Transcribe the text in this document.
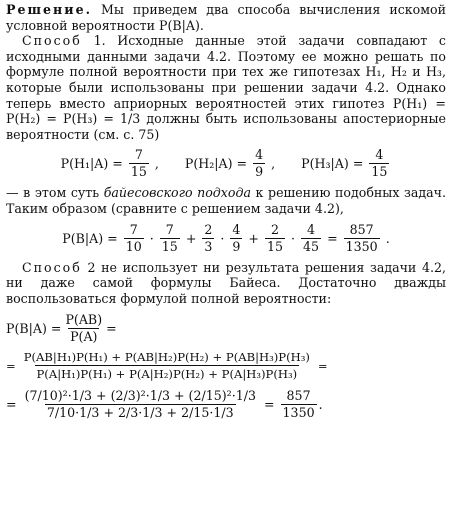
Решение. Мы приведем два способа вычисления искомой условной вероятности P(B|A).

Способ 1. Исходные данные этой задачи совпадают с исходными данными задачи 4.2. Поэтому ее можно решать по формуле полной вероятности при тех же гипотезах H₁, H₂ и H₃, которые были использованы при решении задачи 4.2. Однако теперь вместо априорных вероятностей этих гипотез P(H₁) = P(H₂) = P(H₃) = 1/3 должны быть использованы апостериорные вероятности (см. с. 75)

$P(H_1|A) = \frac{7}{15}$ , $P(H_2|A) = \frac{4}{9}$ , $P(H_3|A) = \frac{4}{15}$

— в этом суть байесовского подхода к решению подобных задач. Таким образом (сравните с решением задачи 4.2),

$P(B|A) = \frac{7}{10} \cdot \frac{7}{15} + \frac{2}{3} \cdot \frac{4}{9} + \frac{2}{15} \cdot \frac{4}{45} = \frac{857}{1350}$ .

Способ 2 не использует ни результата решения задачи 4.2, ни даже самой формулы Байеса. Достаточно дважды воспользоваться формулой полной вероятности:

$P(B|A) = \frac{P(AB)}{P(A)}$ =
= $\frac{\text{P(AB|H₁)P(H₁) + P(AB|H₂)P(H₂) + P(AB|H₃)P(H₃)}}{\text{P(A|H₁)P(H₁) + P(A|H₂)P(H₂) + P(A|H₃)P(H₃)}}$ =
= $\frac{\text{(7/10)²·1/3 + (2/3)²·1/3 + (2/15)²·1/3}}{7/10\cdot 1/3 + 2/3\cdot 1/3 + 2/15\cdot 1/3} = \frac{857}{1350}$ .
